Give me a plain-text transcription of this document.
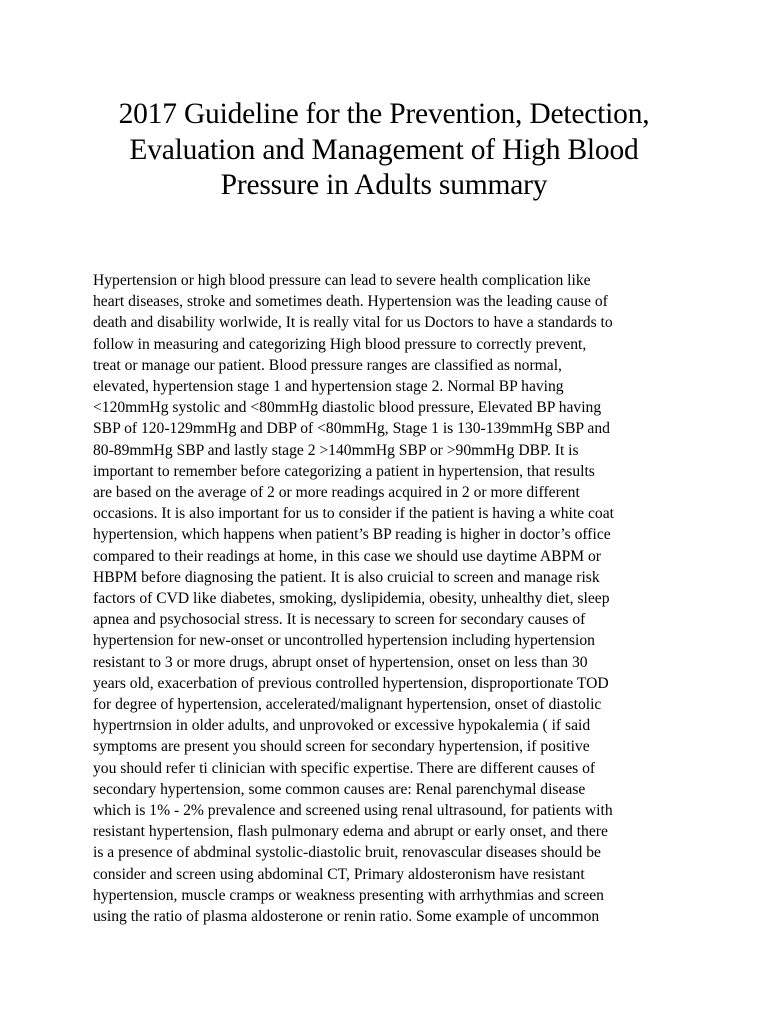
2017 Guideline for the Prevention, Detection,
Evaluation and Management of High Blood
Pressure in Adults summary
Hypertension or high blood pressure can lead to severe health complication like
heart diseases, stroke and sometimes death. Hypertension was the leading cause of
death and disability worlwide, It is really vital for us Doctors to have a standards to
follow in measuring and categorizing High blood pressure to correctly prevent,
treat or manage our patient. Blood pressure ranges are classified as normal,
elevated, hypertension stage 1 and hypertension stage 2. Normal BP having
<120mmHg systolic and <80mmHg diastolic blood pressure, Elevated BP having
SBP of 120-129mmHg and DBP of <80mmHg, Stage 1 is 130-139mmHg SBP and
80-89mmHg SBP and lastly stage 2 >140mmHg SBP or >90mmHg DBP. It is
important to remember before categorizing a patient in hypertension, that results
are based on the average of 2 or more readings acquired in 2 or more different
occasions. It is also important for us to consider if the patient is having a white coat
hypertension, which happens when patient’s BP reading is higher in doctor’s office
compared to their readings at home, in this case we should use daytime ABPM or
HBPM before diagnosing the patient. It is also cruicial to screen and manage risk
factors of CVD like diabetes, smoking, dyslipidemia, obesity, unhealthy diet, sleep
apnea and psychosocial stress. It is necessary to screen for secondary causes of
hypertension for new-onset or uncontrolled hypertension including hypertension
resistant to 3 or more drugs, abrupt onset of hypertension, onset on less than 30
years old, exacerbation of previous controlled hypertension, disproportionate TOD
for degree of hypertension, accelerated/malignant hypertension, onset of diastolic
hypertrnsion in older adults, and unprovoked or excessive hypokalemia ( if said
symptoms are present you should screen for secondary hypertension, if positive
you should refer ti clinician with specific expertise. There are different causes of
secondary hypertension, some common causes are: Renal parenchymal disease
which is 1% - 2% prevalence and screened using renal ultrasound, for patients with
resistant hypertension, flash pulmonary edema and abrupt or early onset, and there
is a presence of abdminal systolic-diastolic bruit, renovascular diseases should be
consider and screen using abdominal CT, Primary aldosteronism have resistant
hypertension, muscle cramps or weakness presenting with arrhythmias and screen
using the ratio of plasma aldosterone or renin ratio. Some example of uncommon
